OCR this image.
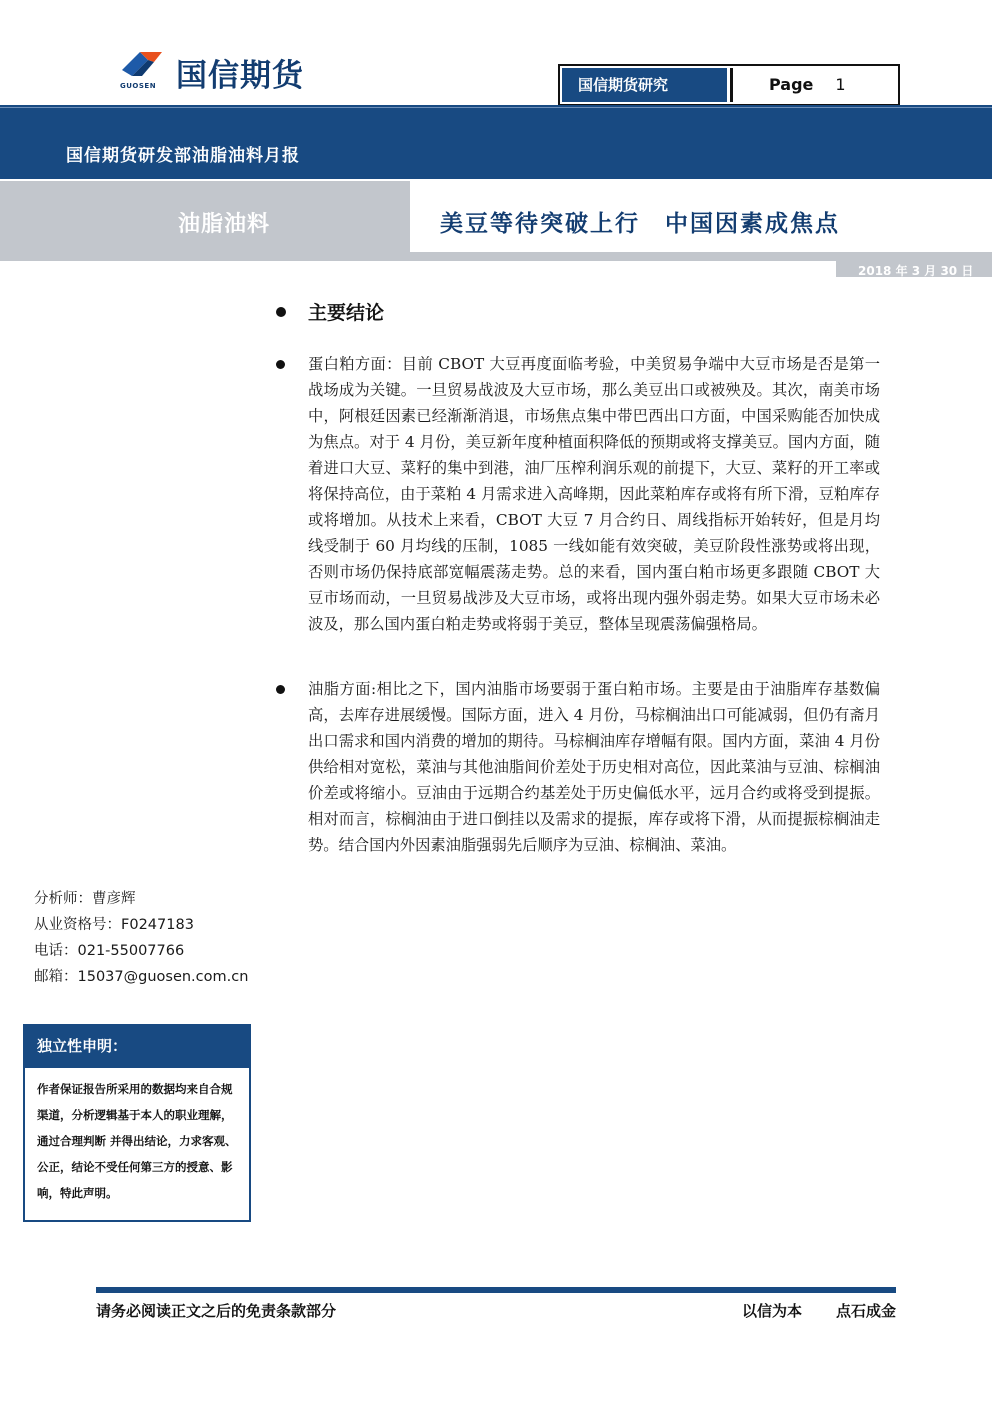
国信期货
GUOSEN	国信期货研究	Page 1
国信期货研发部油脂油料月报
油脂油料	美豆等待突破上行　中国因素成焦点
2018 年 3 月 30 日
主要结论
蛋白粕方面：目前 CBOT 大豆再度面临考验，中美贸易争端中大豆市场是否是第一战场成为关键。一旦贸易战波及大豆市场，那么美豆出口或被殃及。其次，南美市场中，阿根廷因素已经渐渐消退，市场焦点集中带巴西出口方面，中国采购能否加快成为焦点。对于 4 月份，美豆新年度种植面积降低的预期或将支撑美豆。国内方面，随着进口大豆、菜籽的集中到港，油厂压榨利润乐观的前提下，大豆、菜籽的开工率或将保持高位，由于菜粕 4 月需求进入高峰期，因此菜粕库存或将有所下滑，豆粕库存或将增加。从技术上来看，CBOT 大豆 7 月合约日、周线指标开始转好，但是月均线受制于 60 月均线的压制，1085 一线如能有效突破，美豆阶段性涨势或将出现，否则市场仍保持底部宽幅震荡走势。总的来看，国内蛋白粕市场更多跟随 CBOT 大豆市场而动，一旦贸易战涉及大豆市场，或将出现内强外弱走势。如果大豆市场未必波及，那么国内蛋白粕走势或将弱于美豆，整体呈现震荡偏强格局。
油脂方面:相比之下，国内油脂市场要弱于蛋白粕市场。主要是由于油脂库存基数偏高，去库存进展缓慢。国际方面，进入 4 月份，马棕榈油出口可能减弱，但仍有斋月出口需求和国内消费的增加的期待。马棕榈油库存增幅有限。国内方面，菜油 4 月份供给相对宽松，菜油与其他油脂间价差处于历史相对高位，因此菜油与豆油、棕榈油价差或将缩小。豆油由于远期合约基差处于历史偏低水平，远月合约或将受到提振。相对而言，棕榈油由于进口倒挂以及需求的提振，库存或将下滑，从而提振棕榈油走势。结合国内外因素油脂强弱先后顺序为豆油、棕榈油、菜油。
分析师：曹彦辉
从业资格号：F0247183
电话：021-55007766
邮箱：15037@guosen.com.cn
独立性申明：
作者保证报告所采用的数据均来自合规渠道，分析逻辑基于本人的职业理解，通过合理判断 并得出结论，力求客观、公正，结论不受任何第三方的授意、影响，特此声明。
请务必阅读正文之后的免责条款部分	以信为本 点石成金
